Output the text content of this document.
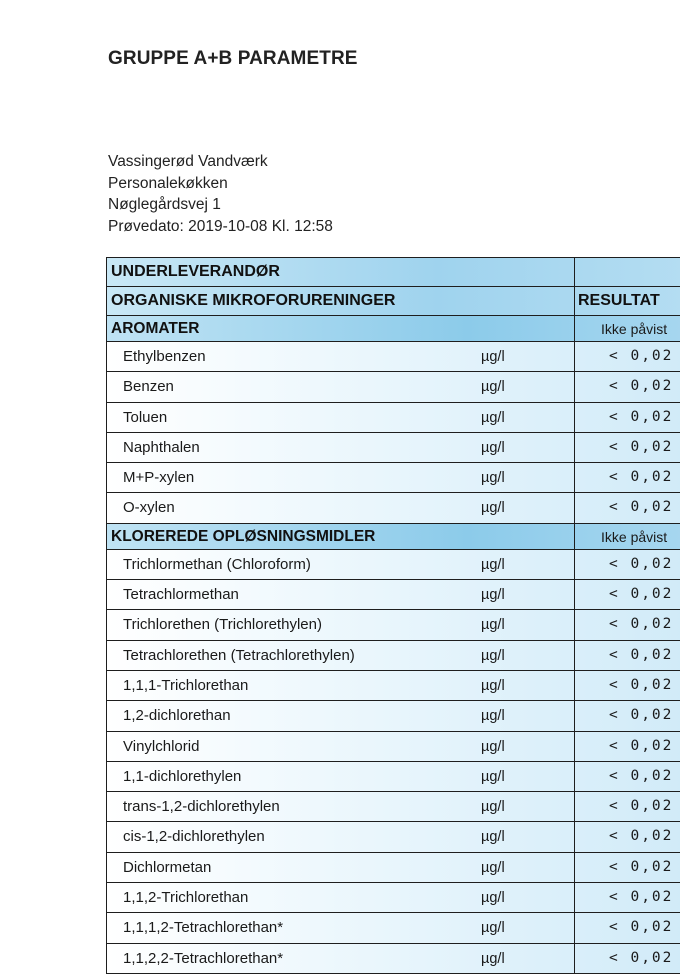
GRUPPE A+B PARAMETRE
Vassingerød Vandværk
Personalekøkken
Nøglegårdsvej 1
Prøvedato: 2019-10-08 Kl. 12:58
UNDERLEVERANDØR
ORGANISKE MIKROFORURENINGER	RESULTAT
AROMATER	Ikke påvist
Ethylbenzen	µg/l	< 0,02
Benzen	µg/l	< 0,02
Toluen	µg/l	< 0,02
Naphthalen	µg/l	< 0,02
M+P-xylen	µg/l	< 0,02
O-xylen	µg/l	< 0,02
KLOREREDE OPLØSNINGSMIDLER	Ikke påvist
Trichlormethan (Chloroform)	µg/l	< 0,02
Tetrachlormethan	µg/l	< 0,02
Trichlorethen (Trichlorethylen)	µg/l	< 0,02
Tetrachlorethen (Tetrachlorethylen)	µg/l	< 0,02
1,1,1-Trichlorethan	µg/l	< 0,02
1,2-dichlorethan	µg/l	< 0,02
Vinylchlorid	µg/l	< 0,02
1,1-dichlorethylen	µg/l	< 0,02
trans-1,2-dichlorethylen	µg/l	< 0,02
cis-1,2-dichlorethylen	µg/l	< 0,02
Dichlormetan	µg/l	< 0,02
1,1,2-Trichlorethan	µg/l	< 0,02
1,1,1,2-Tetrachlorethan*	µg/l	< 0,02
1,1,2,2-Tetrachlorethan*	µg/l	< 0,02
